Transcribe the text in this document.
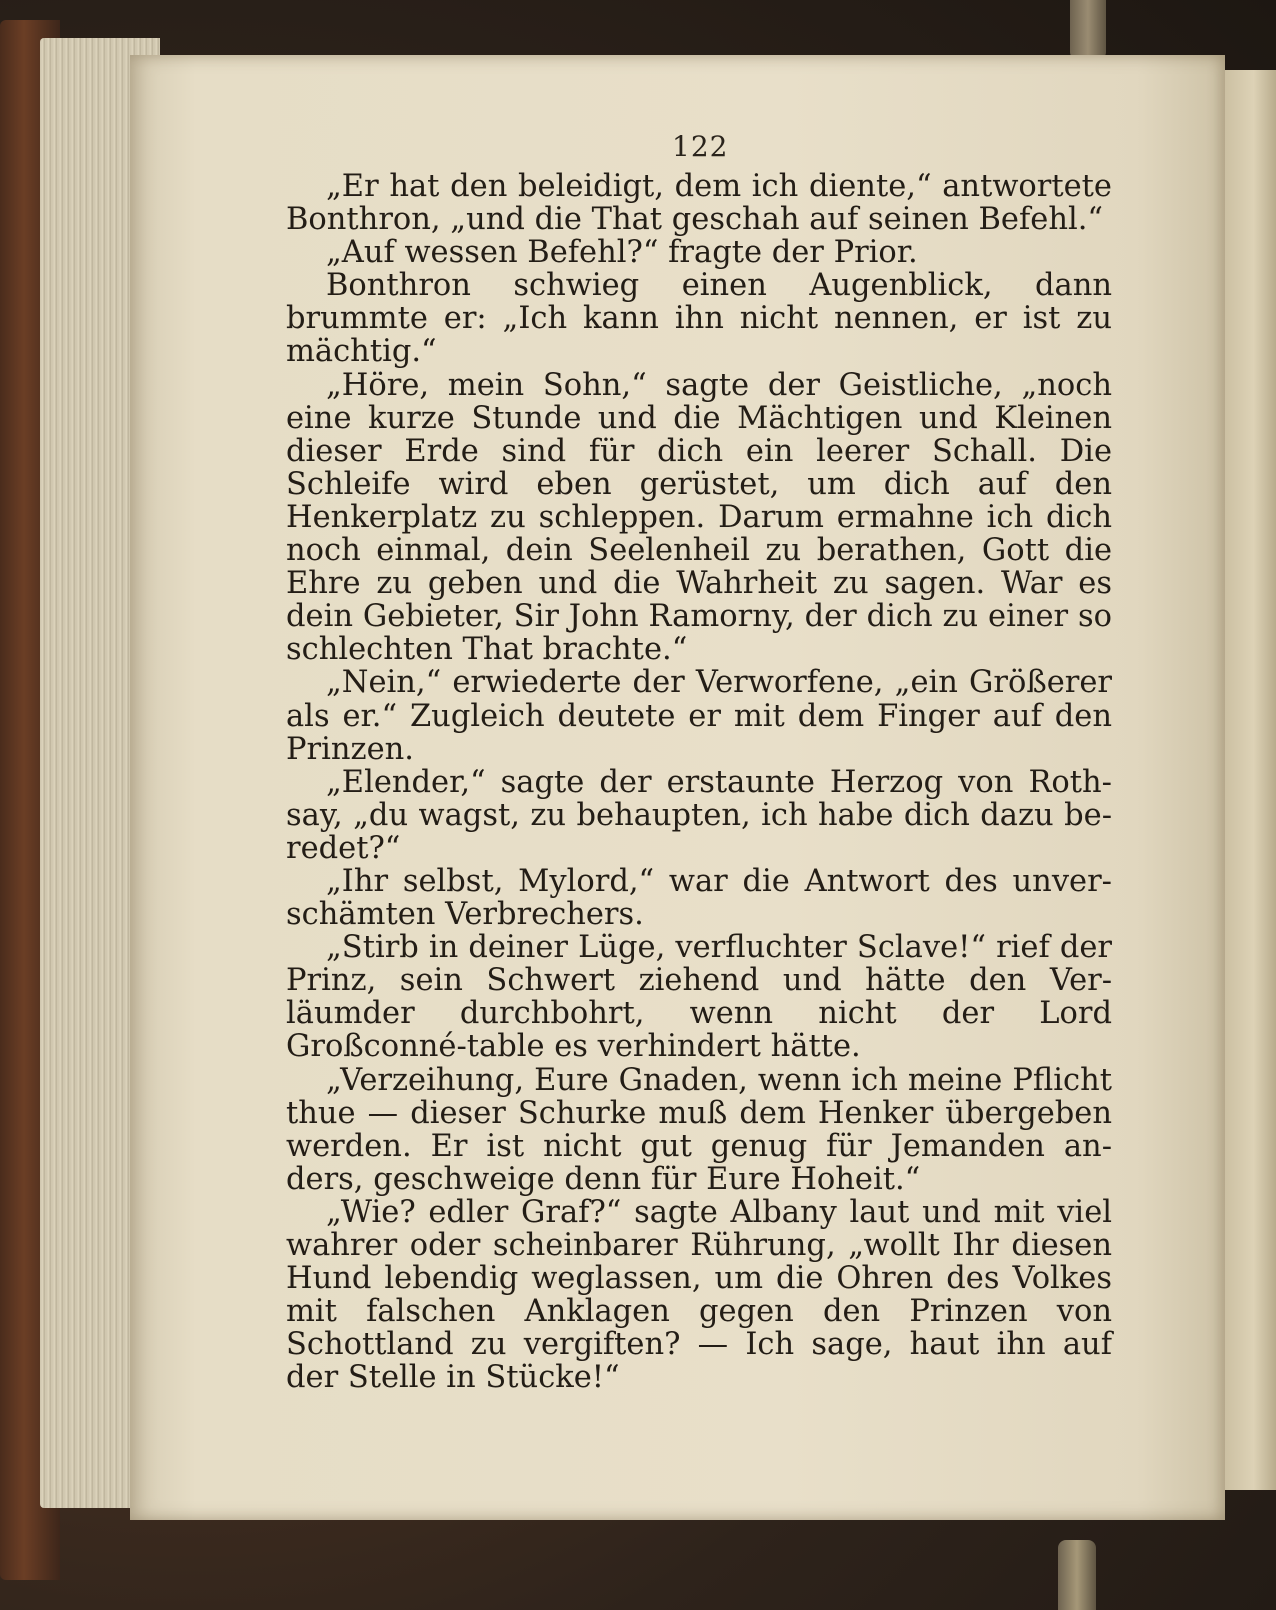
122

„Er hat den beleidigt, dem ich diente,“ antwortete Bonthron, „und die That geschah auf seinen Befehl.“

„Auf wessen Befehl?“ fragte der Prior.

Bonthron schwieg einen Augenblick, dann brummte er: „Ich kann ihn nicht nennen, er ist zu mächtig.“

„Höre, mein Sohn,“ sagte der Geistliche, „noch eine kurze Stunde und die Mächtigen und Kleinen dieser Erde sind für dich ein leerer Schall. Die Schleife wird eben gerüstet, um dich auf den Henkerplatz zu schleppen. Darum ermahne ich dich noch einmal, dein Seelenheil zu berathen, Gott die Ehre zu geben und die Wahrheit zu sagen. War es dein Gebieter, Sir John Ramorny, der dich zu einer so schlechten That brachte.“

„Nein,“ erwiederte der Verworfene, „ein Größerer als er.“ Zugleich deutete er mit dem Finger auf den Prinzen.

„Elender,“ sagte der erstaunte Herzog von Roth-say, „du wagst, zu behaupten, ich habe dich dazu be-redet?“

„Ihr selbst, Mylord,“ war die Antwort des unver-schämten Verbrechers.

„Stirb in deiner Lüge, verfluchter Sclave!“ rief der Prinz, sein Schwert ziehend und hätte den Ver-läumder durchbohrt, wenn nicht der Lord Großconné-table es verhindert hätte.

„Verzeihung, Eure Gnaden, wenn ich meine Pflicht thue — dieser Schurke muß dem Henker übergeben werden. Er ist nicht gut genug für Jemanden an-ders, geschweige denn für Eure Hoheit.“

„Wie? edler Graf?“ sagte Albany laut und mit viel wahrer oder scheinbarer Rührung, „wollt Ihr diesen Hund lebendig weglassen, um die Ohren des Volkes mit falschen Anklagen gegen den Prinzen von Schottland zu vergiften? — Ich sage, haut ihn auf der Stelle in Stücke!“
